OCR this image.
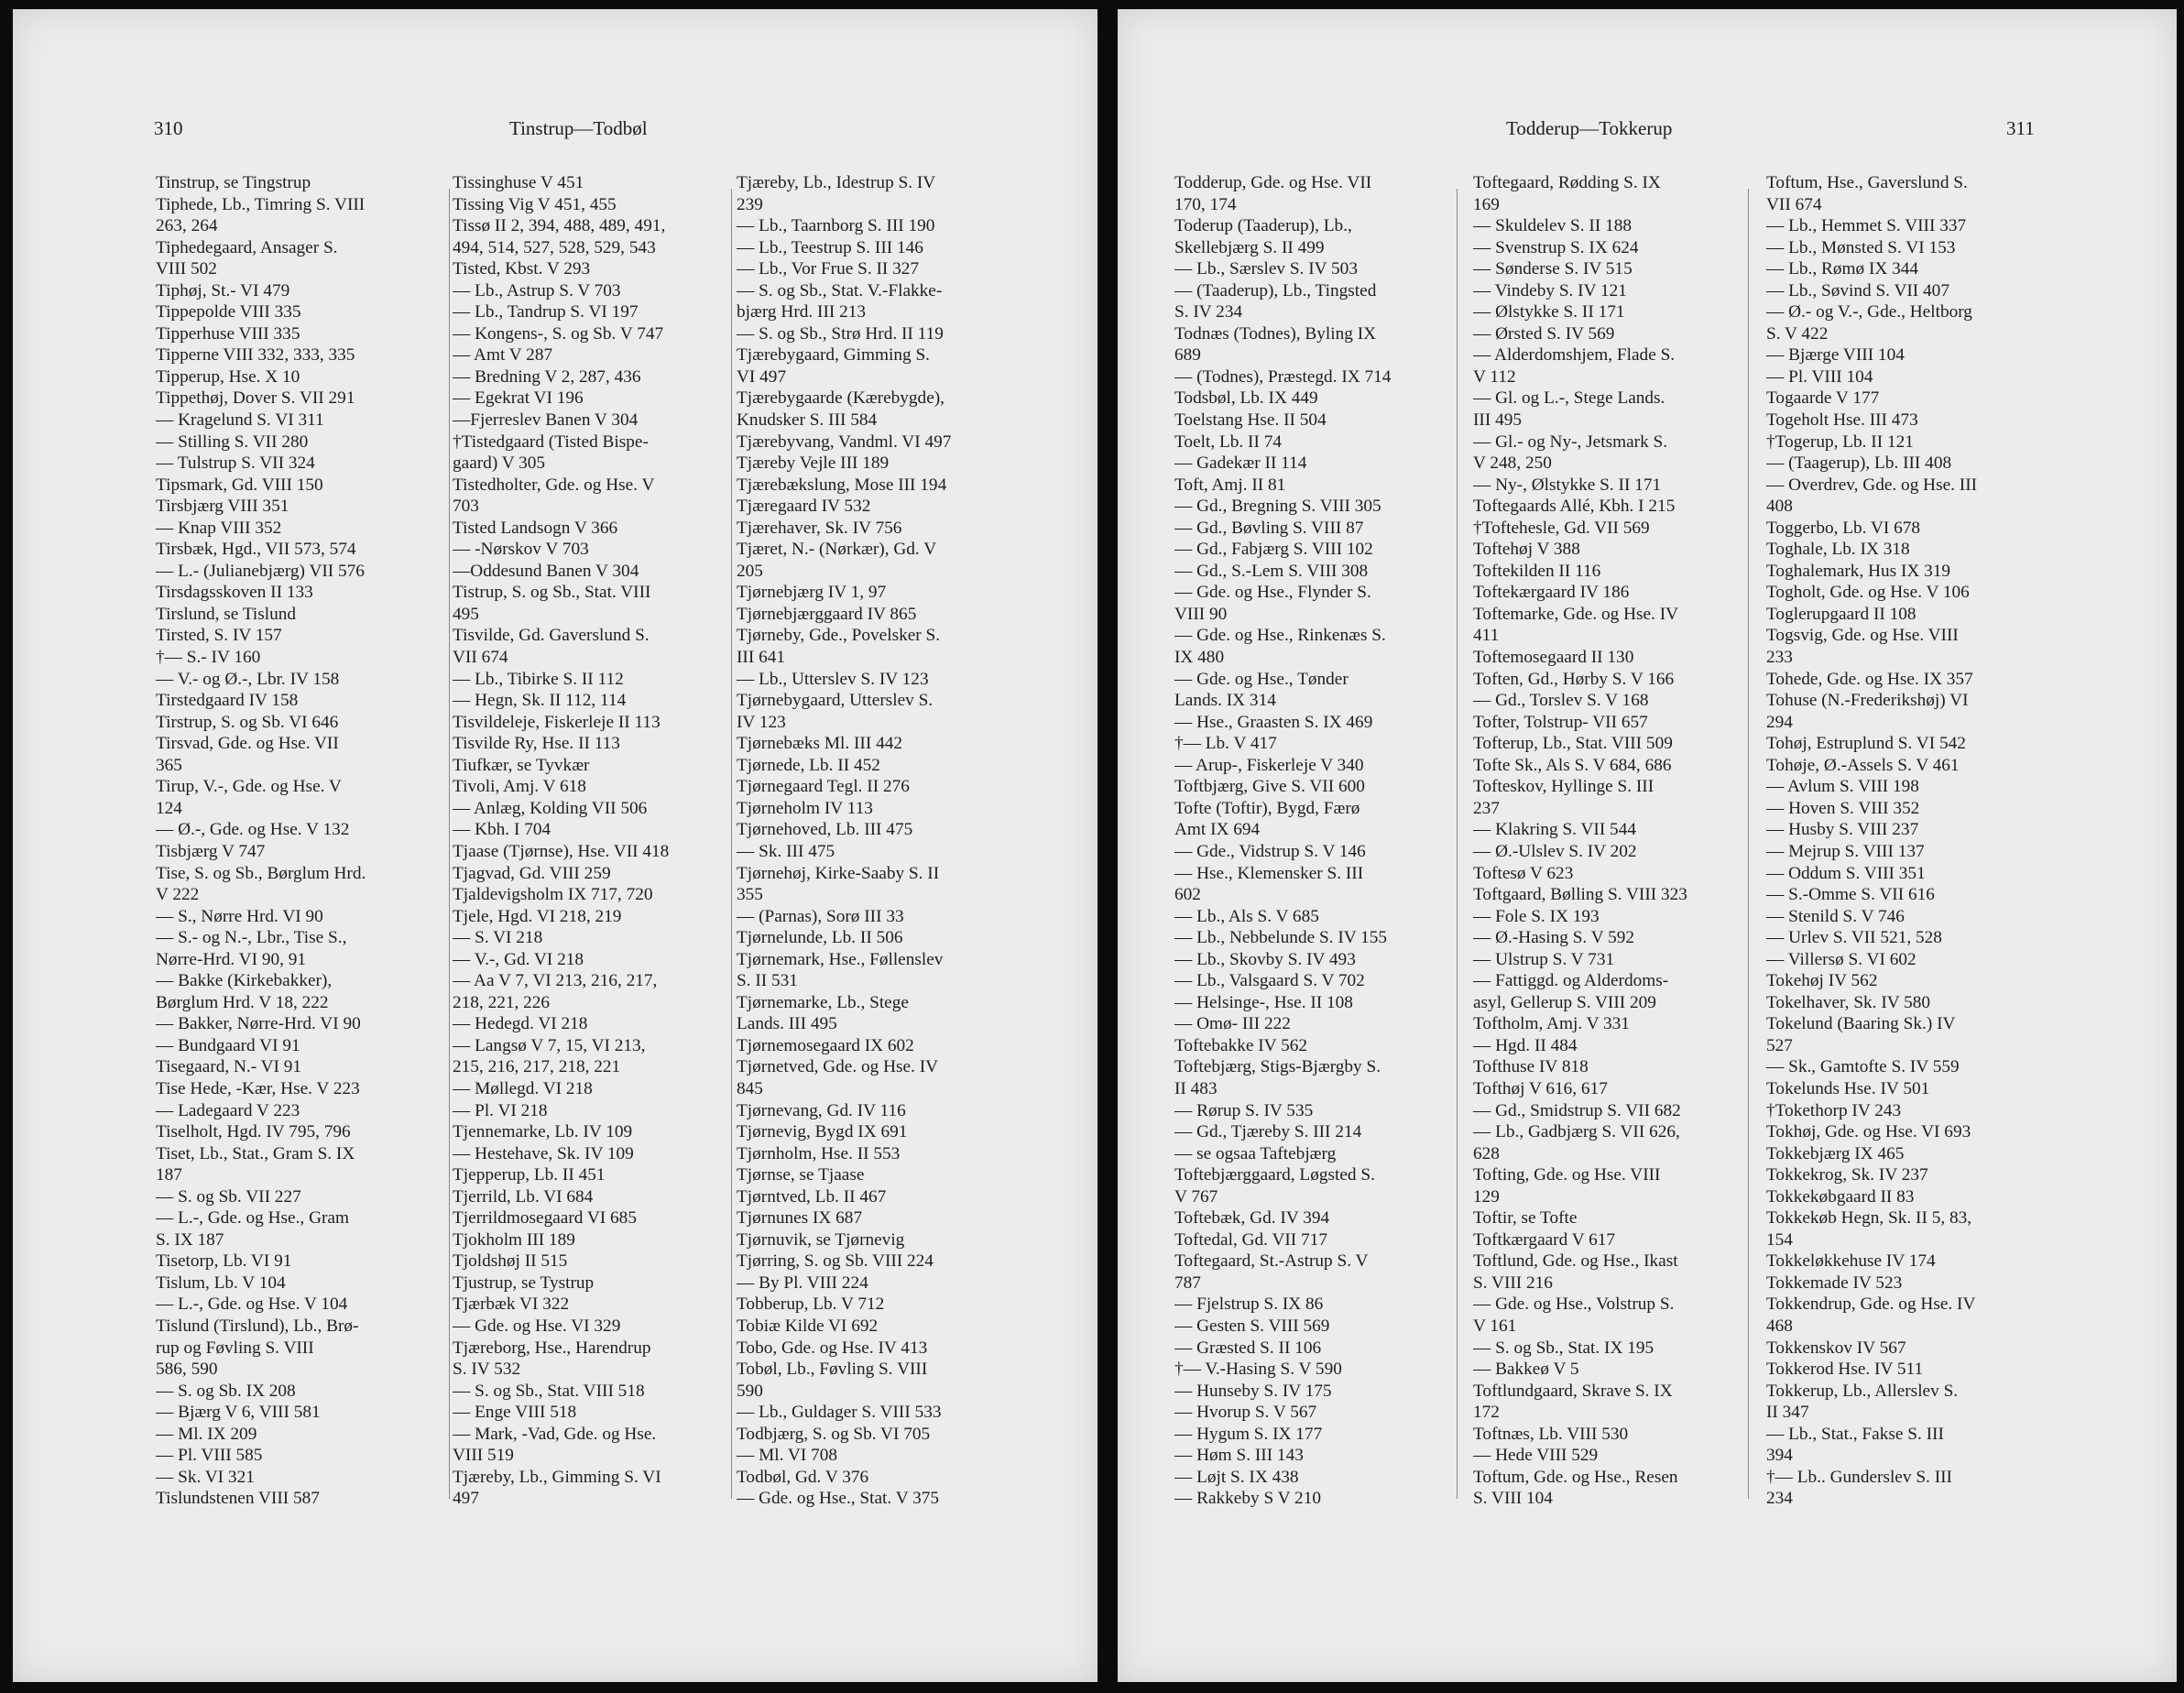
310	Tinstrup—Todbøl
Tinstrup, se Tingstrup
Tiphede, Lb., Timring S. VIII
263, 264
Tiphedegaard, Ansager S.
VIII 502
Tiphøj, St.- VI 479
Tippepolde VIII 335
Tipperhuse VIII 335
Tipperne VIII 332, 333, 335
Tipperup, Hse. X 10
Tippethøj, Dover S. VII 291
— Kragelund S. VI 311
— Stilling S. VII 280
— Tulstrup S. VII 324
Tipsmark, Gd. VIII 150
Tirsbjærg VIII 351
— Knap VIII 352
Tirsbæk, Hgd., VII 573, 574
— L.- (Julianebjærg) VII 576
Tirsdagsskoven II 133
Tirslund, se Tislund
Tirsted, S. IV 157
†— S.- IV 160
— V.- og Ø.-, Lbr. IV 158
Tirstedgaard IV 158
Tirstrup, S. og Sb. VI 646
Tirsvad, Gde. og Hse. VII
365
Tirup, V.-, Gde. og Hse. V
124
— Ø.-, Gde. og Hse. V 132
Tisbjærg V 747
Tise, S. og Sb., Børglum Hrd.
V 222
— S., Nørre Hrd. VI 90
— S.- og N.-, Lbr., Tise S.,
Nørre-Hrd. VI 90, 91
— Bakke (Kirkebakker),
Børglum Hrd. V 18, 222
— Bakker, Nørre-Hrd. VI 90
— Bundgaard VI 91
Tisegaard, N.- VI 91
Tise Hede, -Kær, Hse. V 223
— Ladegaard V 223
Tiselholt, Hgd. IV 795, 796
Tiset, Lb., Stat., Gram S. IX
187
— S. og Sb. VII 227
— L.-, Gde. og Hse., Gram
S. IX 187
Tisetorp, Lb. VI 91
Tislum, Lb. V 104
— L.-, Gde. og Hse. V 104
Tislund (Tirslund), Lb., Brø-
rup og Føvling S. VIII
586, 590
— S. og Sb. IX 208
— Bjærg V 6, VIII 581
— Ml. IX 209
— Pl. VIII 585
— Sk. VI 321
Tislundstenen VIII 587
Tissinghuse V 451
Tissing Vig V 451, 455
Tissø II 2, 394, 488, 489, 491,
494, 514, 527, 528, 529, 543
Tisted, Kbst. V 293
— Lb., Astrup S. V 703
— Lb., Tandrup S. VI 197
— Kongens-, S. og Sb. V 747
— Amt V 287
— Bredning V 2, 287, 436
— Egekrat VI 196
—Fjerreslev Banen V 304
†Tistedgaard (Tisted Bispe-
gaard) V 305
Tistedholter, Gde. og Hse. V
703
Tisted Landsogn V 366
— -Nørskov V 703
—Oddesund Banen V 304
Tistrup, S. og Sb., Stat. VIII
495
Tisvilde, Gd. Gaverslund S.
VII 674
— Lb., Tibirke S. II 112
— Hegn, Sk. II 112, 114
Tisvildeleje, Fiskerleje II 113
Tisvilde Ry, Hse. II 113
Tiufkær, se Tyvkær
Tivoli, Amj. V 618
— Anlæg, Kolding VII 506
— Kbh. I 704
Tjaase (Tjørnse), Hse. VII 418
Tjagvad, Gd. VIII 259
Tjaldevigsholm IX 717, 720
Tjele, Hgd. VI 218, 219
— S. VI 218
— V.-, Gd. VI 218
— Aa V 7, VI 213, 216, 217,
218, 221, 226
— Hedegd. VI 218
— Langsø V 7, 15, VI 213,
215, 216, 217, 218, 221
— Møllegd. VI 218
— Pl. VI 218
Tjennemarke, Lb. IV 109
— Hestehave, Sk. IV 109
Tjepperup, Lb. II 451
Tjerrild, Lb. VI 684
Tjerrildmosegaard VI 685
Tjokholm III 189
Tjoldshøj II 515
Tjustrup, se Tystrup
Tjærbæk VI 322
— Gde. og Hse. VI 329
Tjæreborg, Hse., Harendrup
S. IV 532
— S. og Sb., Stat. VIII 518
— Enge VIII 518
— Mark, -Vad, Gde. og Hse.
VIII 519
Tjæreby, Lb., Gimming S. VI
497
Tjæreby, Lb., Idestrup S. IV
239
— Lb., Taarnborg S. III 190
— Lb., Teestrup S. III 146
— Lb., Vor Frue S. II 327
— S. og Sb., Stat. V.-Flakke-
bjærg Hrd. III 213
— S. og Sb., Strø Hrd. II 119
Tjærebygaard, Gimming S.
VI 497
Tjærebygaarde (Kærebygde),
Knudsker S. III 584
Tjærebyvang, Vandml. VI 497
Tjæreby Vejle III 189
Tjærebækslung, Mose III 194
Tjæregaard IV 532
Tjærehaver, Sk. IV 756
Tjæret, N.- (Nørkær), Gd. V
205
Tjørnebjærg IV 1, 97
Tjørnebjærggaard IV 865
Tjørneby, Gde., Povelsker S.
III 641
— Lb., Utterslev S. IV 123
Tjørnebygaard, Utterslev S.
IV 123
Tjørnebæks Ml. III 442
Tjørnede, Lb. II 452
Tjørnegaard Tegl. II 276
Tjørneholm IV 113
Tjørnehoved, Lb. III 475
— Sk. III 475
Tjørnehøj, Kirke-Saaby S. II
355
— (Parnas), Sorø III 33
Tjørnelunde, Lb. II 506
Tjørnemark, Hse., Føllenslev
S. II 531
Tjørnemarke, Lb., Stege
Lands. III 495
Tjørnemosegaard IX 602
Tjørnetved, Gde. og Hse. IV
845
Tjørnevang, Gd. IV 116
Tjørnevig, Bygd IX 691
Tjørnholm, Hse. II 553
Tjørnse, se Tjaase
Tjørntved, Lb. II 467
Tjørnunes IX 687
Tjørnuvik, se Tjørnevig
Tjørring, S. og Sb. VIII 224
— By Pl. VIII 224
Tobberup, Lb. V 712
Tobiæ Kilde VI 692
Tobo, Gde. og Hse. IV 413
Tobøl, Lb., Føvling S. VIII
590
— Lb., Guldager S. VIII 533
Todbjærg, S. og Sb. VI 705
— Ml. VI 708
Todbøl, Gd. V 376
— Gde. og Hse., Stat. V 375
Todderup—Tokkerup	311
Todderup, Gde. og Hse. VII
170, 174
Toderup (Taaderup), Lb.,
Skellebjærg S. II 499
— Lb., Særslev S. IV 503
— (Taaderup), Lb., Tingsted
S. IV 234
Todnæs (Todnes), Byling IX
689
— (Todnes), Præstegd. IX 714
Todsbøl, Lb. IX 449
Toelstang Hse. II 504
Toelt, Lb. II 74
— Gadekær II 114
Toft, Amj. II 81
— Gd., Bregning S. VIII 305
— Gd., Bøvling S. VIII 87
— Gd., Fabjærg S. VIII 102
— Gd., S.-Lem S. VIII 308
— Gde. og Hse., Flynder S.
VIII 90
— Gde. og Hse., Rinkenæs S.
IX 480
— Gde. og Hse., Tønder
Lands. IX 314
— Hse., Graasten S. IX 469
†— Lb. V 417
— Arup-, Fiskerleje V 340
Toftbjærg, Give S. VII 600
Tofte (Toftir), Bygd, Færø
Amt IX 694
— Gde., Vidstrup S. V 146
— Hse., Klemensker S. III
602
— Lb., Als S. V 685
— Lb., Nebbelunde S. IV 155
— Lb., Skovby S. IV 493
— Lb., Valsgaard S. V 702
— Helsinge-, Hse. II 108
— Omø- III 222
Toftebakke IV 562
Toftebjærg, Stigs-Bjærgby S.
II 483
— Rørup S. IV 535
— Gd., Tjæreby S. III 214
— se ogsaa Taftebjærg
Toftebjærggaard, Løgsted S.
V 767
Toftebæk, Gd. IV 394
Toftedal, Gd. VII 717
Toftegaard, St.-Astrup S. V
787
— Fjelstrup S. IX 86
— Gesten S. VIII 569
— Græsted S. II 106
†— V.-Hasing S. V 590
— Hunseby S. IV 175
— Hvorup S. V 567
— Hygum S. IX 177
— Høm S. III 143
— Løjt S. IX 438
— Rakkeby S V 210
Toftegaard, Rødding S. IX
169
— Skuldelev S. II 188
— Svenstrup S. IX 624
— Sønderse S. IV 515
— Vindeby S. IV 121
— Ølstykke S. II 171
— Ørsted S. IV 569
— Alderdomshjem, Flade S.
V 112
— Gl. og L.-, Stege Lands.
III 495
— Gl.- og Ny-, Jetsmark S.
V 248, 250
— Ny-, Ølstykke S. II 171
Toftegaards Allé, Kbh. I 215
†Toftehesle, Gd. VII 569
Toftehøj V 388
Toftekilden II 116
Toftekærgaard IV 186
Toftemarke, Gde. og Hse. IV
411
Toftemosegaard II 130
Toften, Gd., Hørby S. V 166
— Gd., Torslev S. V 168
Tofter, Tolstrup- VII 657
Tofterup, Lb., Stat. VIII 509
Tofte Sk., Als S. V 684, 686
Tofteskov, Hyllinge S. III
237
— Klakring S. VII 544
— Ø.-Ulslev S. IV 202
Toftesø V 623
Toftgaard, Bølling S. VIII 323
— Fole S. IX 193
— Ø.-Hasing S. V 592
— Ulstrup S. V 731
— Fattiggd. og Alderdoms-
asyl, Gellerup S. VIII 209
Toftholm, Amj. V 331
— Hgd. II 484
Tofthuse IV 818
Tofthøj V 616, 617
— Gd., Smidstrup S. VII 682
— Lb., Gadbjærg S. VII 626,
628
Tofting, Gde. og Hse. VIII
129
Toftir, se Tofte
Toftkærgaard V 617
Toftlund, Gde. og Hse., Ikast
S. VIII 216
— Gde. og Hse., Volstrup S.
V 161
— S. og Sb., Stat. IX 195
— Bakkeø V 5
Toftlundgaard, Skrave S. IX
172
Toftnæs, Lb. VIII 530
— Hede VIII 529
Toftum, Gde. og Hse., Resen
S. VIII 104
Toftum, Hse., Gaverslund S.
VII 674
— Lb., Hemmet S. VIII 337
— Lb., Mønsted S. VI 153
— Lb., Rømø IX 344
— Lb., Søvind S. VII 407
— Ø.- og V.-, Gde., Heltborg
S. V 422
— Bjærge VIII 104
— Pl. VIII 104
Togaarde V 177
Togeholt Hse. III 473
†Togerup, Lb. II 121
— (Taagerup), Lb. III 408
— Overdrev, Gde. og Hse. III
408
Toggerbo, Lb. VI 678
Toghale, Lb. IX 318
Toghalemark, Hus IX 319
Togholt, Gde. og Hse. V 106
Toglerupgaard II 108
Togsvig, Gde. og Hse. VIII
233
Tohede, Gde. og Hse. IX 357
Tohuse (N.-Frederikshøj) VI
294
Tohøj, Estruplund S. VI 542
Tohøje, Ø.-Assels S. V 461
— Avlum S. VIII 198
— Hoven S. VIII 352
— Husby S. VIII 237
— Mejrup S. VIII 137
— Oddum S. VIII 351
— S.-Omme S. VII 616
— Stenild S. V 746
— Urlev S. VII 521, 528
— Villersø S. VI 602
Tokehøj IV 562
Tokelhaver, Sk. IV 580
Tokelund (Baaring Sk.) IV
527
— Sk., Gamtofte S. IV 559
Tokelunds Hse. IV 501
†Tokethorp IV 243
Tokhøj, Gde. og Hse. VI 693
Tokkebjærg IX 465
Tokkekrog, Sk. IV 237
Tokkekøbgaard II 83
Tokkekøb Hegn, Sk. II 5, 83,
154
Tokkeløkkehuse IV 174
Tokkemade IV 523
Tokkendrup, Gde. og Hse. IV
468
Tokkenskov IV 567
Tokkerod Hse. IV 511
Tokkerup, Lb., Allerslev S.
II 347
— Lb., Stat., Fakse S. III
394
†— Lb.. Gunderslev S. III
234
